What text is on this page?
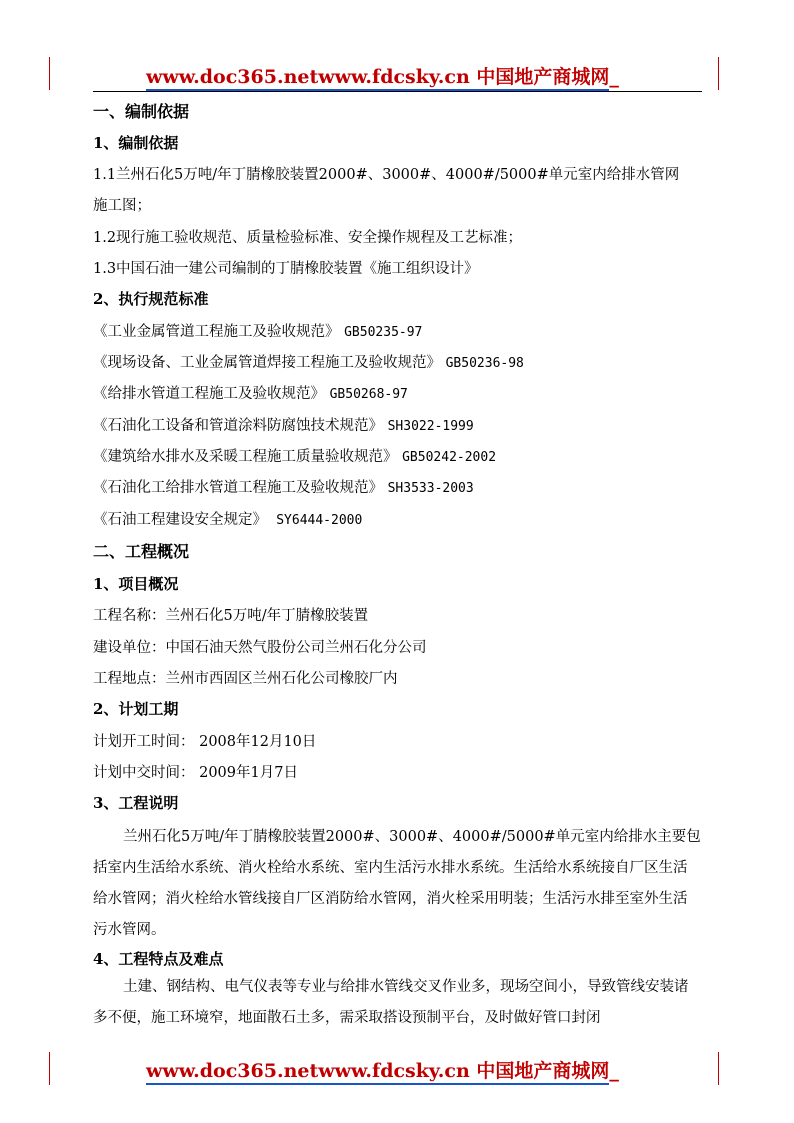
www.doc365.netwww.fdcsky.cn 中国地产商城网_
一、编制依据
1、编制依据
1.1兰州石化5万吨/年丁腈橡胶装置2000#、3000#、4000#/5000#单元室内给排水管网
施工图；
1.2现行施工验收规范、质量检验标准、安全操作规程及工艺标准；
1.3中国石油一建公司编制的丁腈橡胶装置《施工组织设计》
2、执行规范标准
《工业金属管道工程施工及验收规范》 GB50235-97
《现场设备、工业金属管道焊接工程施工及验收规范》 GB50236-98
《给排水管道工程施工及验收规范》 GB50268-97
《石油化工设备和管道涂料防腐蚀技术规范》 SH3022-1999
《建筑给水排水及采暖工程施工质量验收规范》 GB50242-2002
《石油化工给排水管道工程施工及验收规范》 SH3533-2003
《石油工程建设安全规定》 SY6444-2000
二、工程概况
1、项目概况
工程名称：兰州石化5万吨/年丁腈橡胶装置
建设单位：中国石油天然气股份公司兰州石化分公司
工程地点：兰州市西固区兰州石化公司橡胶厂内
2、计划工期
计划开工时间： 2008年12月10日
计划中交时间： 2009年1月7日
3、工程说明
兰州石化5万吨/年丁腈橡胶装置2000#、3000#、4000#/5000#单元室内给排水主要包括室内生活给水系统、消火栓给水系统、室内生活污水排水系统。生活给水系统接自厂区生活给水管网；消火栓给水管线接自厂区消防给水管网，消火栓采用明装；生活污水排至室外生活污水管网。
4、工程特点及难点
土建、钢结构、电气仪表等专业与给排水管线交叉作业多，现场空间小，导致管线安装诸多不便，施工环境窄，地面散石土多，需采取搭设预制平台，及时做好管口封闭
www.doc365.netwww.fdcsky.cn 中国地产商城网_
